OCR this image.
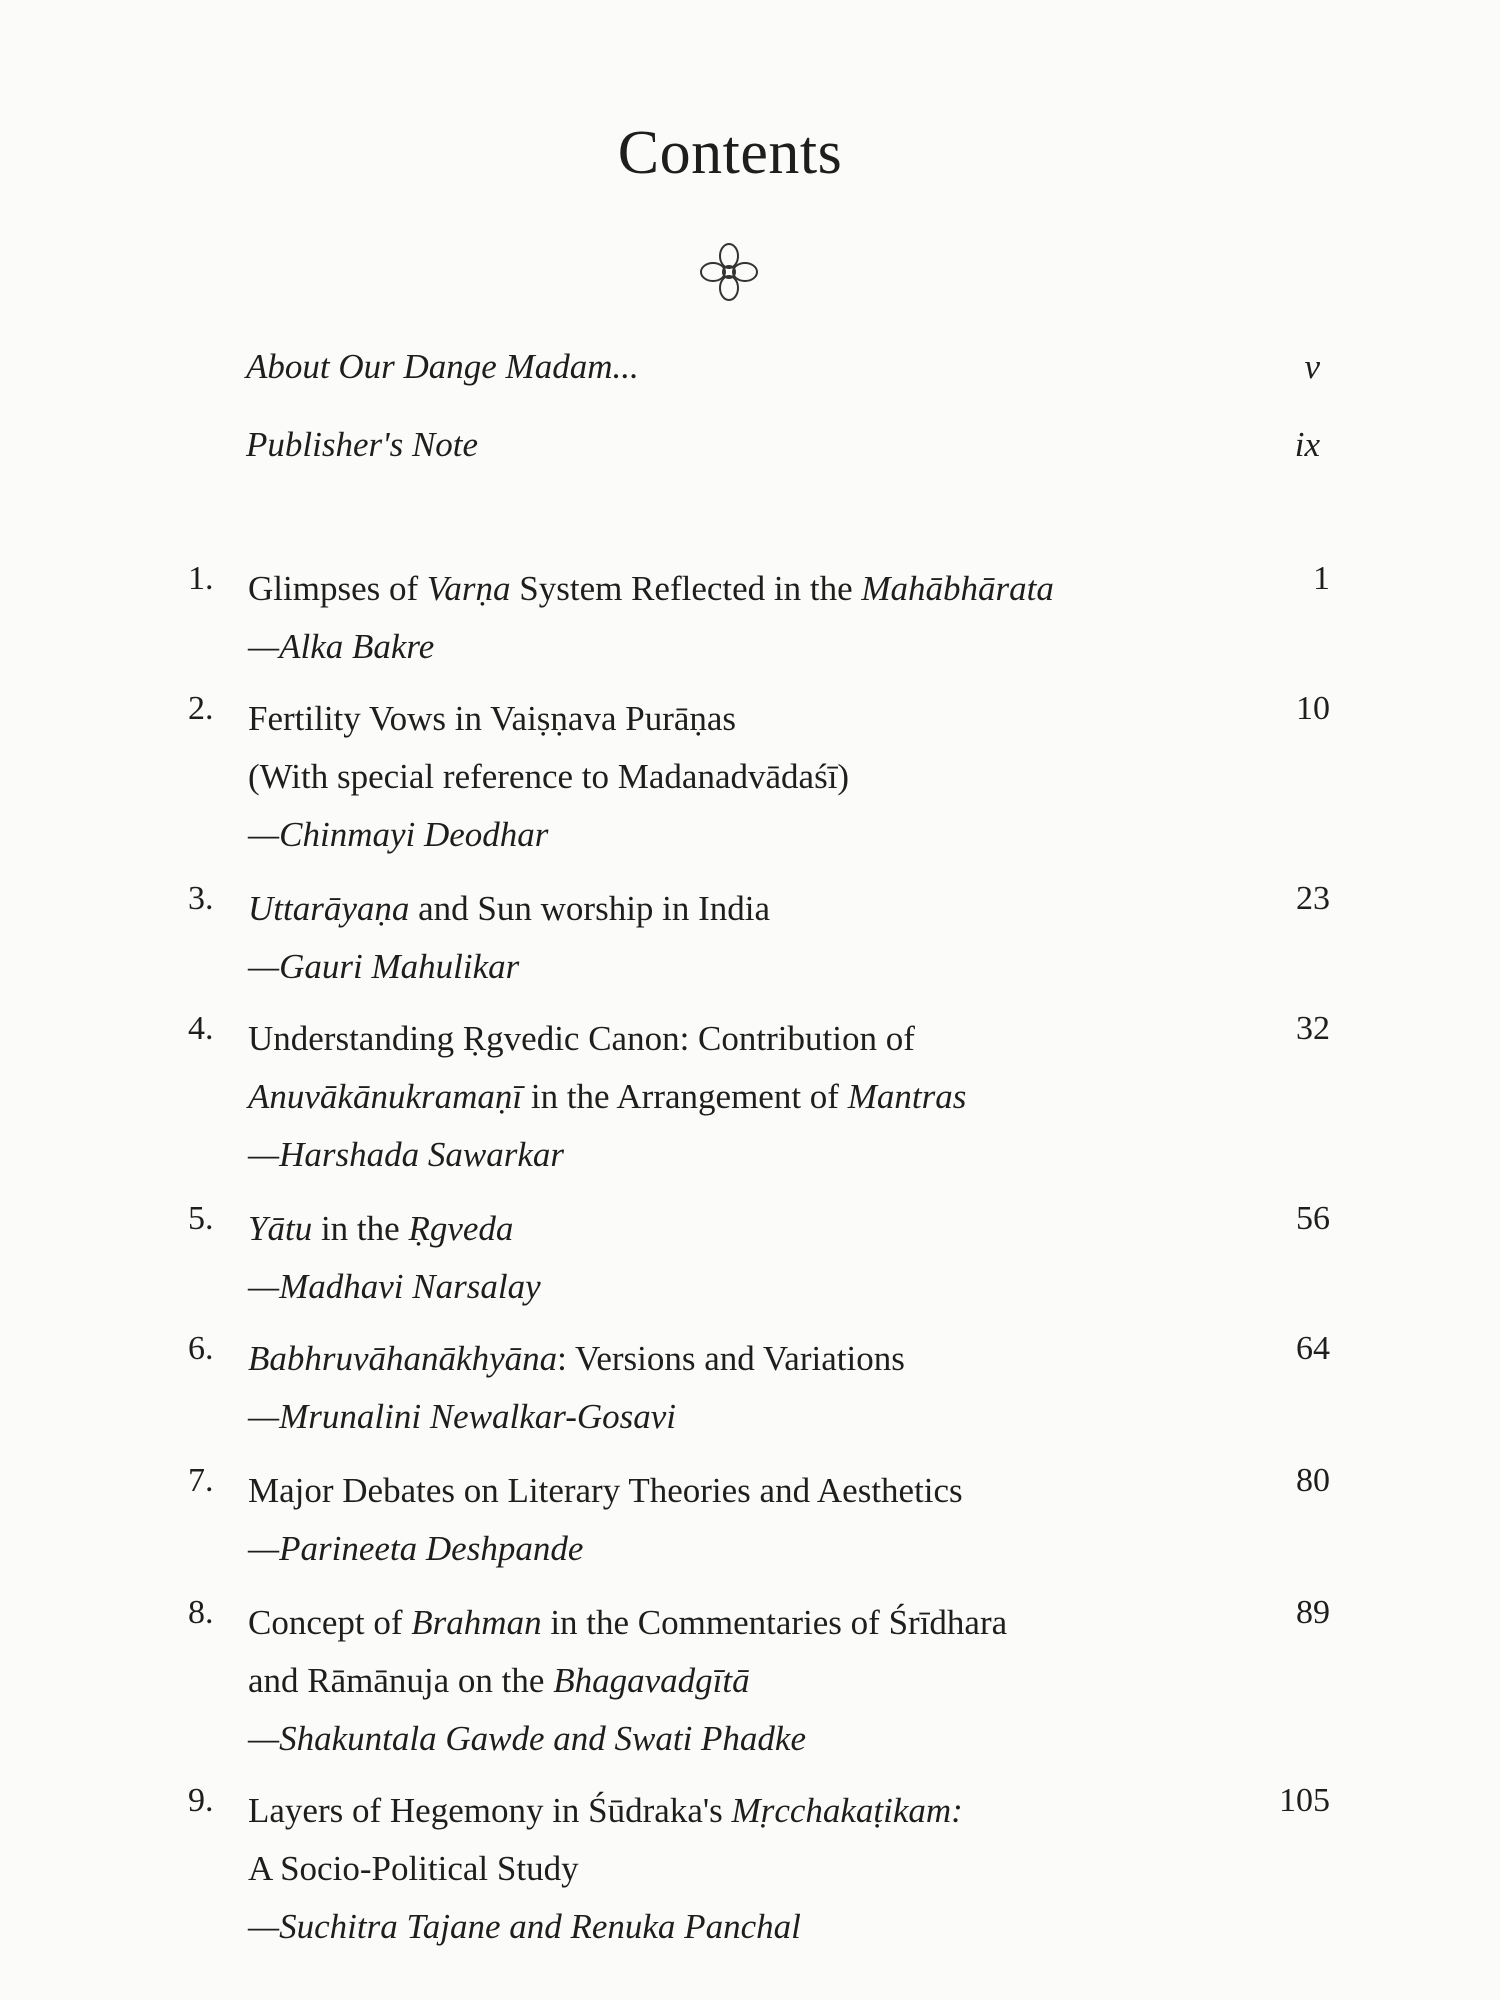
Contents
About Our Dange Madam...	v
Publisher's Note	ix
1. Glimpses of Varṇa System Reflected in the Mahābhārata
—Alka Bakre
1
2. Fertility Vows in Vaiṣṇava Purāṇas
(With special reference to Madanadvādaśī)
—Chinmayi Deodhar
10
3. Uttarāyaṇa and Sun worship in India
—Gauri Mahulikar
23
4. Understanding Ṛgvedic Canon: Contribution of
Anuvākānukramaṇī in the Arrangement of Mantras
—Harshada Sawarkar
32
5. Yātu in the Ṛgveda
—Madhavi Narsalay
56
6. Babhruvāhanākhyāna: Versions and Variations
—Mrunalini Newalkar-Gosavi
64
7. Major Debates on Literary Theories and Aesthetics
—Parineeta Deshpande
80
8. Concept of Brahman in the Commentaries of Śrīdhara
and Rāmānuja on the Bhagavadgītā
—Shakuntala Gawde and Swati Phadke
89
9. Layers of Hegemony in Śūdraka's Mṛcchakaṭikam:
A Socio-Political Study
—Suchitra Tajane and Renuka Panchal
105
